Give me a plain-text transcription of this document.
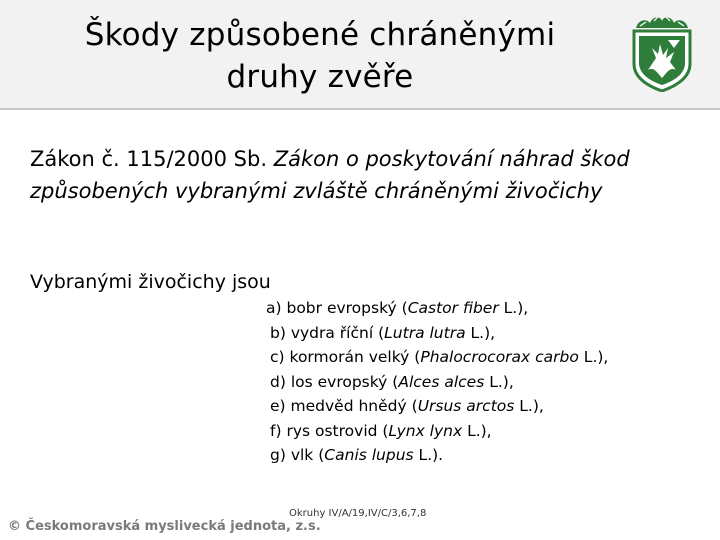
Škody způsobené chráněnými
druhy zvěře
Zákon č. 115/2000 Sb. Zákon o poskytování náhrad škod způsobených vybranými zvláště chráněnými živočichy
Vybranými živočichy jsou
a) bobr evropský (Castor fiber L.),
b) vydra říční (Lutra lutra L.),
c) kormorán velký (Phalocrocorax carbo L.),
d) los evropský (Alces alces L.),
e) medvěd hnědý (Ursus arctos L.),
f) rys ostrovid (Lynx lynx L.),
g) vlk (Canis lupus L.).
Okruhy IV/A/19,IV/C/3,6,7,8
© Českomoravská myslivecká jednota, z.s.
